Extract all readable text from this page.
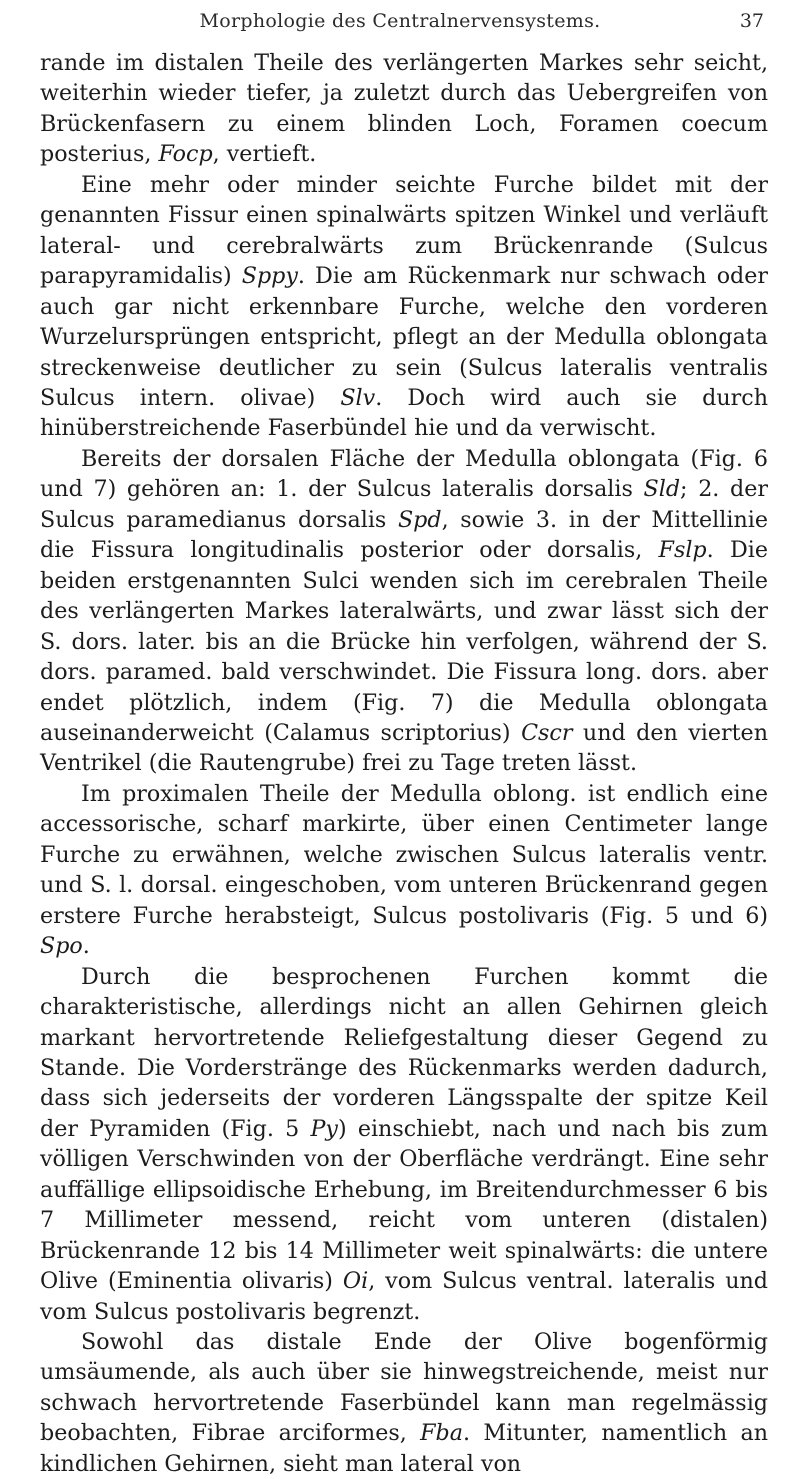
Morphologie des Centralnervensystems.	37

rande im distalen Theile des verlängerten Markes sehr seicht, weiterhin wieder tiefer, ja zuletzt durch das Uebergreifen von Brückenfasern zu einem blinden Loch, Foramen coecum posterius, Focp, vertieft.

Eine mehr oder minder seichte Furche bildet mit der genannten Fissur einen spinalwärts spitzen Winkel und verläuft lateral- und cerebralwärts zum Brückenrande (Sulcus parapyramidalis) Sppy. Die am Rückenmark nur schwach oder auch gar nicht erkennbare Furche, welche den vorderen Wurzelursprüngen entspricht, pflegt an der Medulla oblongata streckenweise deutlicher zu sein (Sulcus lateralis ventralis Sulcus intern. olivae) Slv. Doch wird auch sie durch hinüberstreichende Faserbündel hie und da verwischt.

Bereits der dorsalen Fläche der Medulla oblongata (Fig. 6 und 7) gehören an: 1. der Sulcus lateralis dorsalis Sld; 2. der Sulcus paramedianus dorsalis Spd, sowie 3. in der Mittellinie die Fissura longitudinalis posterior oder dorsalis, Fslp. Die beiden erstgenannten Sulci wenden sich im cerebralen Theile des verlängerten Markes lateralwärts, und zwar lässt sich der S. dors. later. bis an die Brücke hin verfolgen, während der S. dors. paramed. bald verschwindet. Die Fissura long. dors. aber endet plötzlich, indem (Fig. 7) die Medulla oblongata auseinanderweicht (Calamus scriptorius) Cscr und den vierten Ventrikel (die Rautengrube) frei zu Tage treten lässt.

Im proximalen Theile der Medulla oblong. ist endlich eine accessorische, scharf markirte, über einen Centimeter lange Furche zu erwähnen, welche zwischen Sulcus lateralis ventr. und S. l. dorsal. eingeschoben, vom unteren Brückenrand gegen erstere Furche herabsteigt, Sulcus postolivaris (Fig. 5 und 6) Spo.

Durch die besprochenen Furchen kommt die charakteristische, allerdings nicht an allen Gehirnen gleich markant hervortretende Reliefgestaltung dieser Gegend zu Stande. Die Vorderstränge des Rückenmarks werden dadurch, dass sich jederseits der vorderen Längsspalte der spitze Keil der Pyramiden (Fig. 5 Py) einschiebt, nach und nach bis zum völligen Verschwinden von der Oberfläche verdrängt. Eine sehr auffällige ellipsoidische Erhebung, im Breitendurchmesser 6 bis 7 Millimeter messend, reicht vom unteren (distalen) Brückenrande 12 bis 14 Millimeter weit spinalwärts: die untere Olive (Eminentia olivaris) Oi, vom Sulcus ventral. lateralis und vom Sulcus postolivaris begrenzt.

Sowohl das distale Ende der Olive bogenförmig umsäumende, als auch über sie hinwegstreichende, meist nur schwach hervortretende Faserbündel kann man regelmässig beobachten, Fibrae arciformes, Fba. Mitunter, namentlich an kindlichen Gehirnen, sieht man lateral von
